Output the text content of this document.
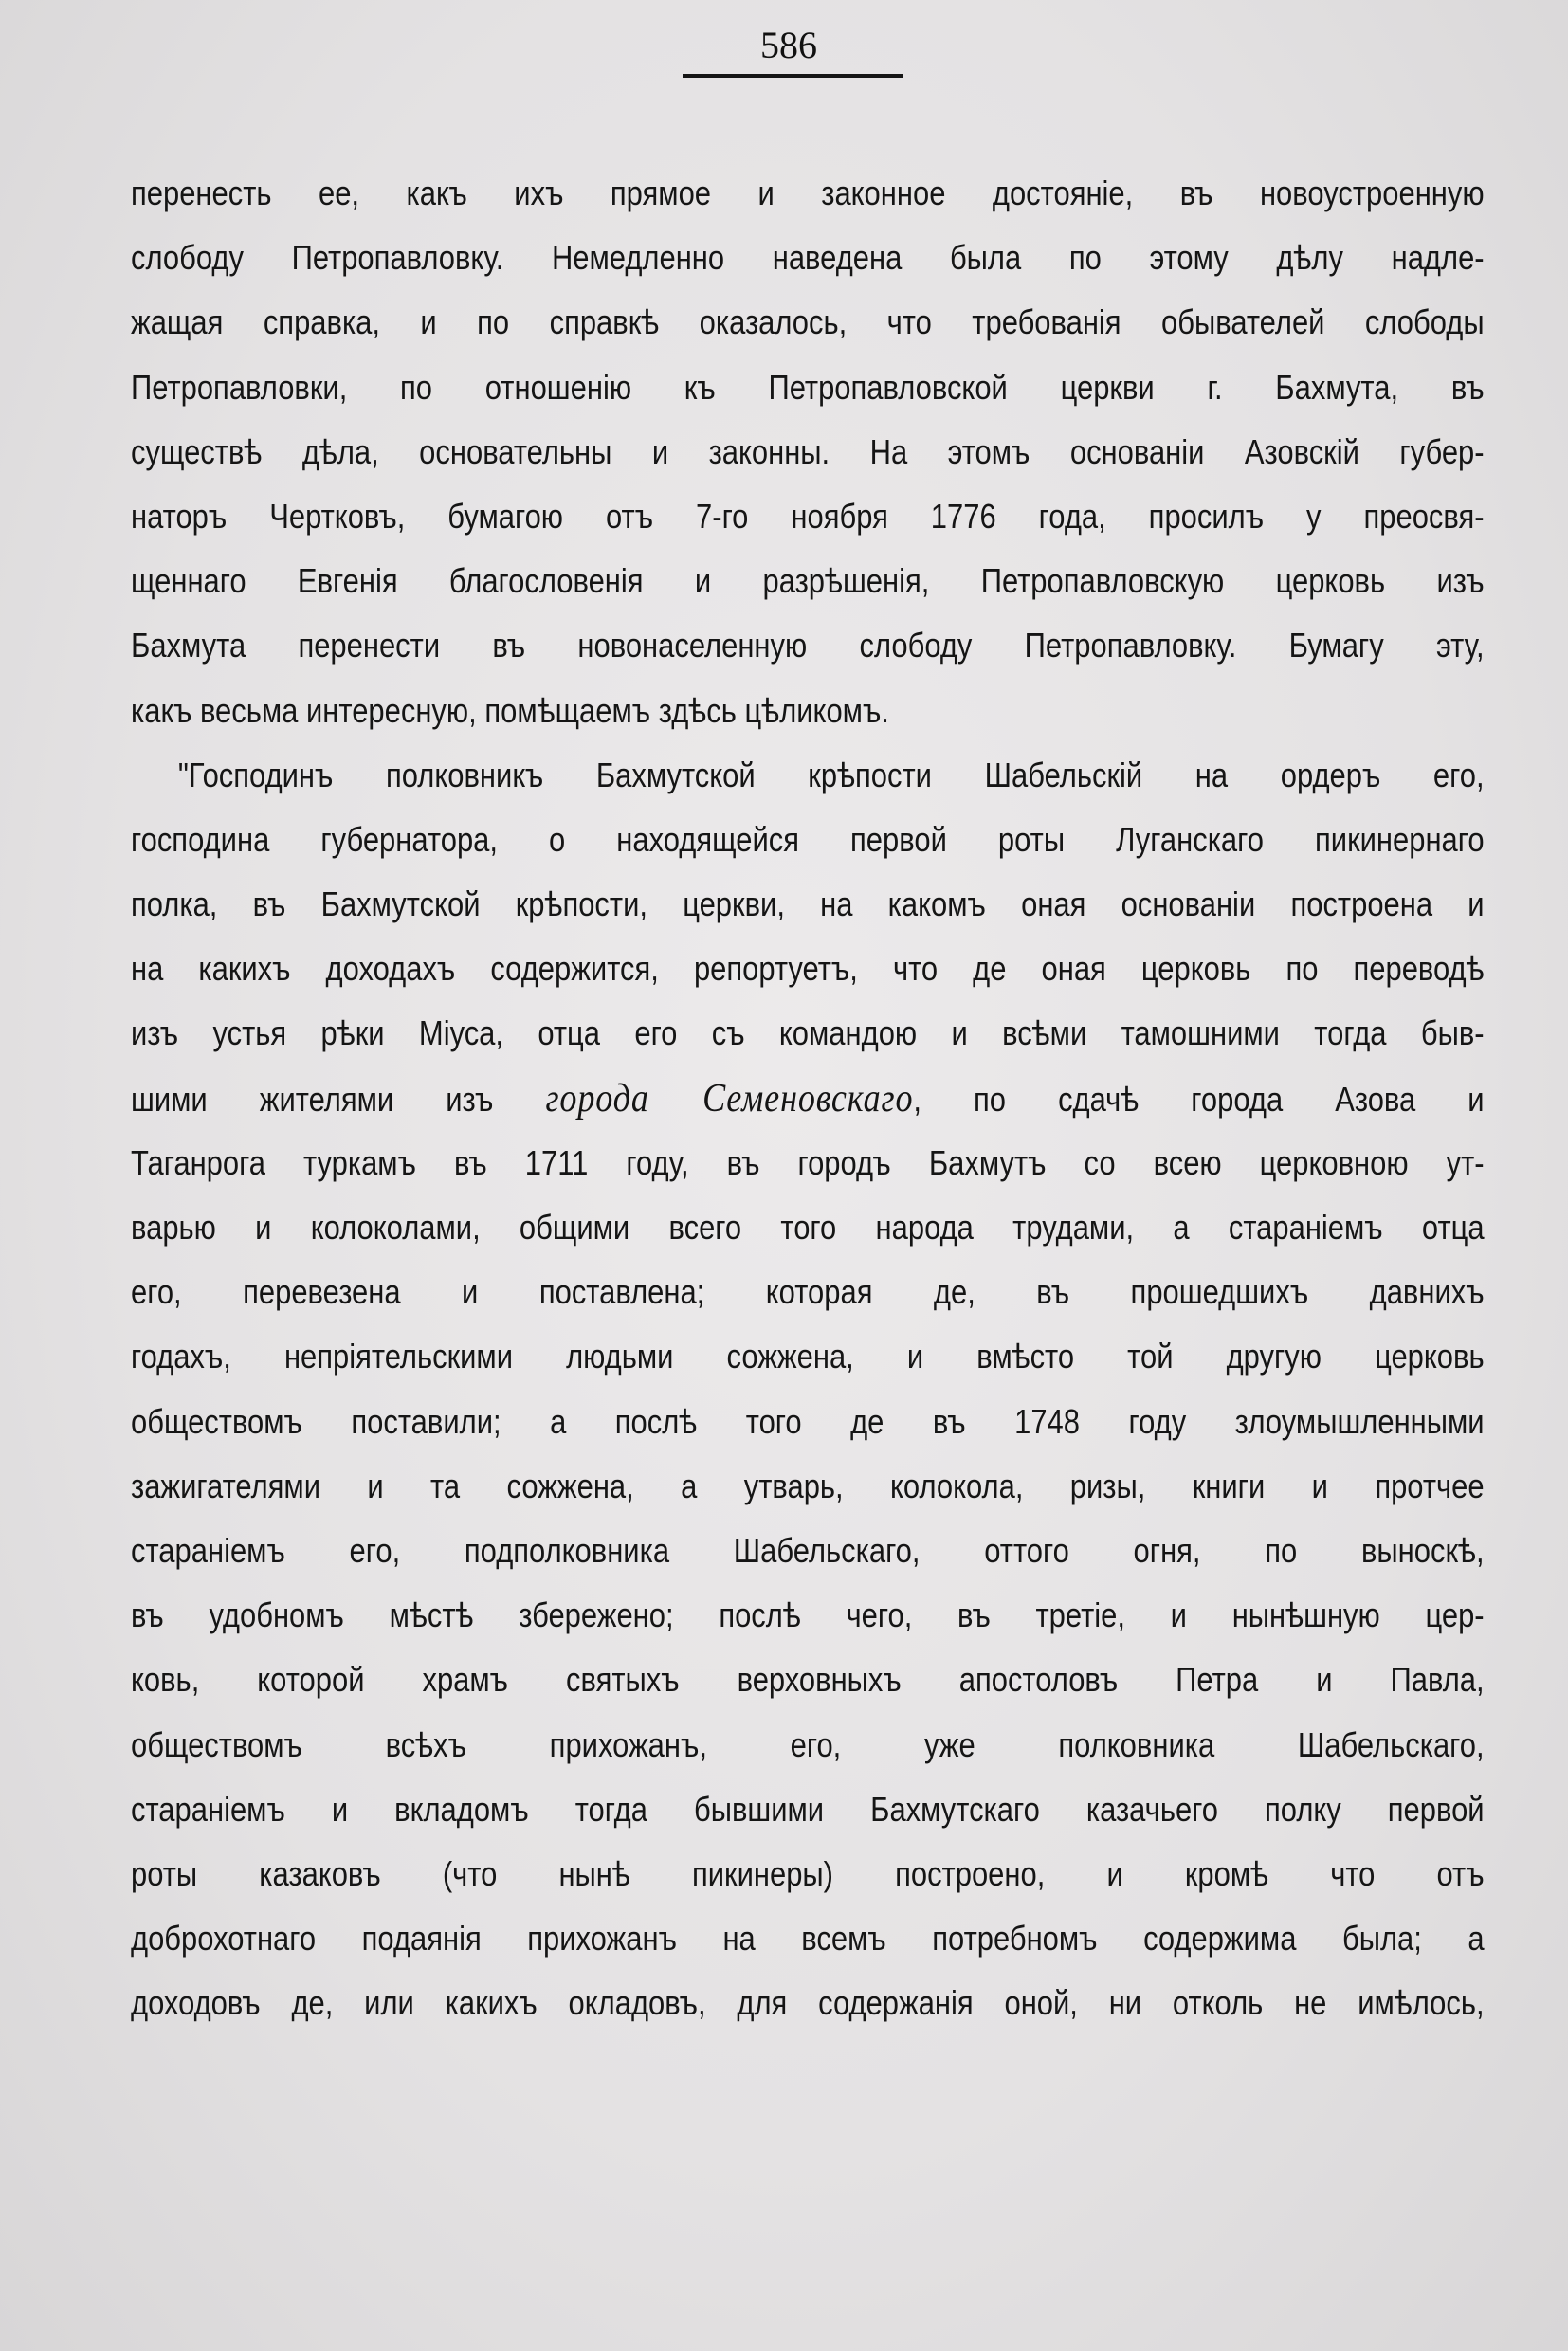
586
перенесть ее, какъ ихъ прямое и законное достоянiе, въ новоустроенную
слободу Петропавловку. Немедленно наведена была по этому дѣлу надле-
жащая справка, и по справкѣ оказалось, что требованiя обывателей слободы
Петропавловки, по отношенiю къ Петропавловской церкви г. Бахмута, въ
существѣ дѣла, основательны и законны. На этомъ основанiи Азовскiй губер-
наторъ Чертковъ, бумагою отъ 7-го ноября 1776 года, просилъ у преосвя-
щеннаго Евгенiя благословенiя и разрѣшенiя, Петропавловскую церковь изъ
Бахмута перенести въ новонаселенную слободу Петропавловку. Бумагу эту,
какъ весьма интересную, помѣщаемъ здѣсь цѣликомъ.
"Господинъ полковникъ Бахмутской крѣпости Шабельскiй на ордеръ его,
господина губернатора, о находящейся первой роты Луганскаго пикинернаго
полка, въ Бахмутской крѣпости, церкви, на какомъ оная основанiи построена и
на какихъ доходахъ содержится, репортуетъ, что де оная церковь по переводѣ
изъ устья рѣки Мiуса, отца его съ командою и всѣми тамошними тогда быв-
шими жителями изъ города Семеновскаго, по сдачѣ города Азова и
Таганрога туркамъ въ 1711 году, въ городъ Бахмутъ со всею церковною ут-
варью и колоколами, общими всего того народа трудами, а старанiемъ отца
его, перевезена и поставлена; которая де, въ прошедшихъ давнихъ
годахъ, непрiятельскими людьми сожжена, и вмѣсто той другую церковь
обществомъ поставили; а послѣ того де въ 1748 году злоумышленными
зажигателями и та сожжена, а утварь, колокола, ризы, книги и протчее
старанiемъ его, подполковника Шабельскаго, оттого огня, по выноскѣ,
въ удобномъ мѣстѣ збережено; послѣ чего, въ третiе, и нынѣшную цер-
ковь, которой храмъ святыхъ верховныхъ апостоловъ Петра и Павла,
обществомъ всѣхъ прихожанъ, его, уже полковника Шабельскаго,
старанiемъ и вкладомъ тогда бывшими Бахмутскаго казачьего полку первой
роты казаковъ (что нынѣ пикинеры) построено, и кромѣ что отъ
доброхотнаго подаянiя прихожанъ на всемъ потребномъ содержима была; а
доходовъ де, или какихъ окладовъ, для содержанiя оной, ни отколь не имѣлось,
